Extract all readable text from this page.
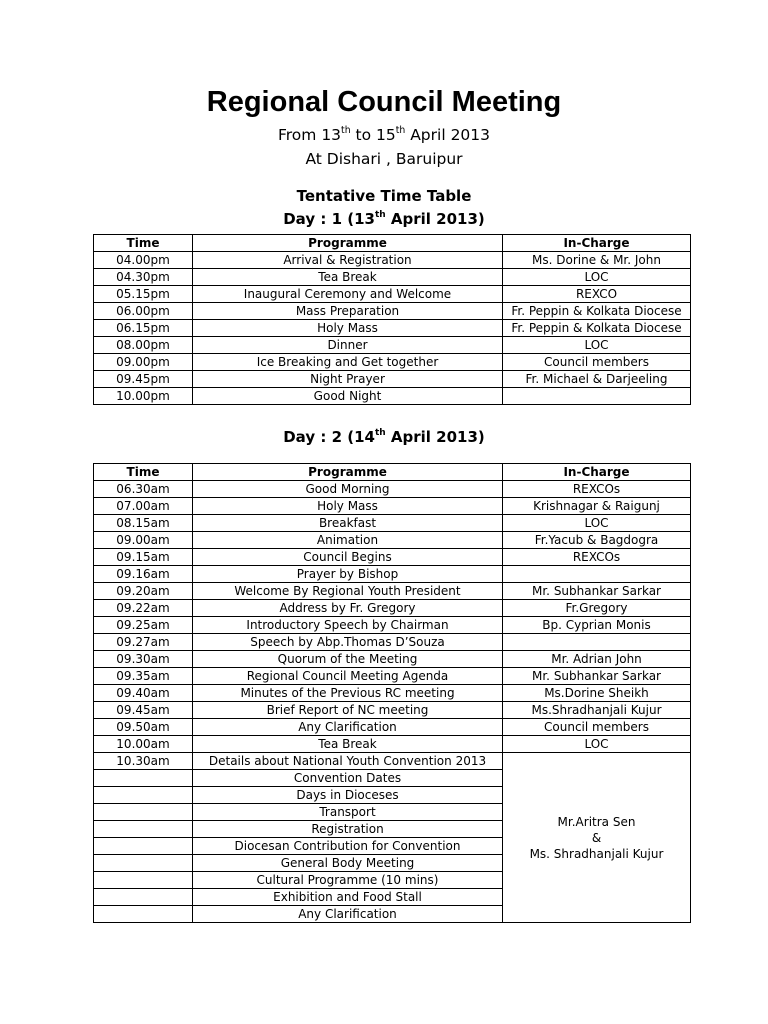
Regional Council Meeting
From 13th to 15th April 2013
At Dishari , Baruipur
Tentative Time Table
Day : 1 (13th April 2013)
Time	Programme	In-Charge
04.00pm	Arrival & Registration	Ms. Dorine & Mr. John
04.30pm	Tea Break	LOC
05.15pm	Inaugural Ceremony and Welcome	REXCO
06.00pm	Mass Preparation	Fr. Peppin & Kolkata Diocese
06.15pm	Holy Mass	Fr. Peppin & Kolkata Diocese
08.00pm	Dinner	LOC
09.00pm	Ice Breaking and Get together	Council members
09.45pm	Night Prayer	Fr. Michael & Darjeeling
10.00pm	Good Night	
Day : 2 (14th April 2013)
Time	Programme	In-Charge
06.30am	Good Morning	REXCOs
07.00am	Holy Mass	Krishnagar & Raigunj
08.15am	Breakfast	LOC
09.00am	Animation	Fr.Yacub & Bagdogra
09.15am	Council Begins	REXCOs
09.16am	Prayer by Bishop	
09.20am	Welcome By Regional Youth President	Mr. Subhankar Sarkar
09.22am	Address by Fr. Gregory	Fr.Gregory
09.25am	Introductory Speech by Chairman	Bp. Cyprian Monis
09.27am	Speech by Abp.Thomas D’Souza	
09.30am	Quorum of the Meeting	Mr. Adrian John
09.35am	Regional Council Meeting Agenda	Mr. Subhankar Sarkar
09.40am	Minutes of the Previous RC meeting	Ms.Dorine Sheikh
09.45am	Brief Report of NC meeting	Ms.Shradhanjali Kujur
09.50am	Any Clarification	Council members
10.00am	Tea Break	LOC
10.30am	Details about National Youth Convention 2013	Mr.Aritra Sen
&
Ms. Shradhanjali Kujur

	Convention Dates	
	Days in Dioceses	
	Transport	
	Registration	
	Diocesan Contribution for Convention	
	General Body Meeting	
	Cultural Programme (10 mins)	
	Exhibition and Food Stall	
	Any Clarification	
